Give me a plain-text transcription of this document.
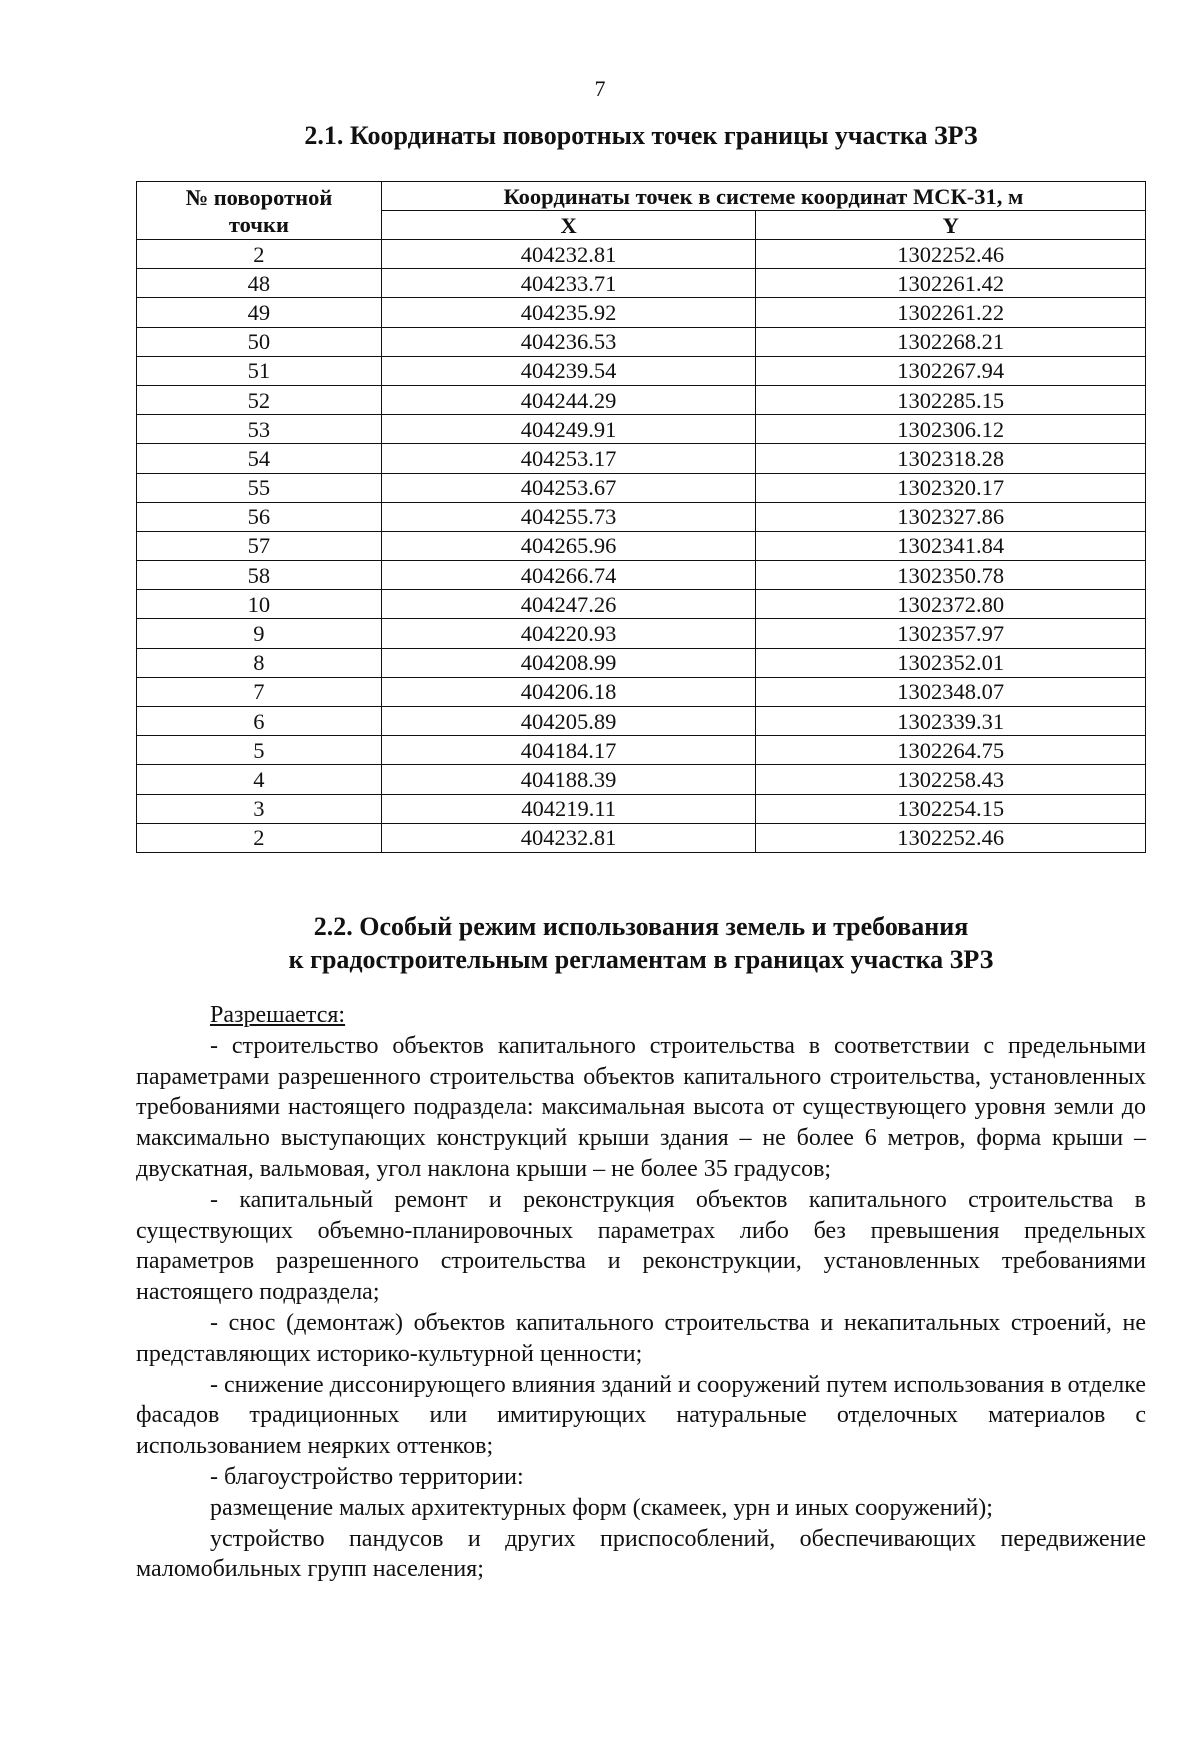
7
2.1. Координаты поворотных точек границы участка ЗРЗ
№ поворотной
точки	Координаты точек в системе координат МСК-31, м	
	X	Y
2	404232.81	1302252.46
48	404233.71	1302261.42
49	404235.92	1302261.22
50	404236.53	1302268.21
51	404239.54	1302267.94
52	404244.29	1302285.15
53	404249.91	1302306.12
54	404253.17	1302318.28
55	404253.67	1302320.17
56	404255.73	1302327.86
57	404265.96	1302341.84
58	404266.74	1302350.78
10	404247.26	1302372.80
9	404220.93	1302357.97
8	404208.99	1302352.01
7	404206.18	1302348.07
6	404205.89	1302339.31
5	404184.17	1302264.75
4	404188.39	1302258.43
3	404219.11	1302254.15
2	404232.81	1302252.46
2.2. Особый режим использования земель и требования
к градостроительным регламентам в границах участка ЗРЗ

Разрешается:

- строительство объектов капитального строительства в соответствии с предельными параметрами разрешенного строительства объектов капитального строительства, установленных требованиями настоящего подраздела: максимальная высота от существующего уровня земли до максимально выступающих конструкций крыши здания – не более 6 метров, форма крыши – двускатная, вальмовая, угол наклона крыши – не более 35 градусов;

- капитальный ремонт и реконструкция объектов капитального строительства в существующих объемно-планировочных параметрах либо без превышения предельных параметров разрешенного строительства и реконструкции, установленных требованиями настоящего подраздела;

- снос (демонтаж) объектов капитального строительства и некапитальных строений, не представляющих историко-культурной ценности;

- снижение диссонирующего влияния зданий и сооружений путем использования в отделке фасадов традиционных или имитирующих натуральные отделочных материалов с использованием неярких оттенков;

- благоустройство территории:

размещение малых архитектурных форм (скамеек, урн и иных сооружений);

устройство пандусов и других приспособлений, обеспечивающих передвижение маломобильных групп населения;
